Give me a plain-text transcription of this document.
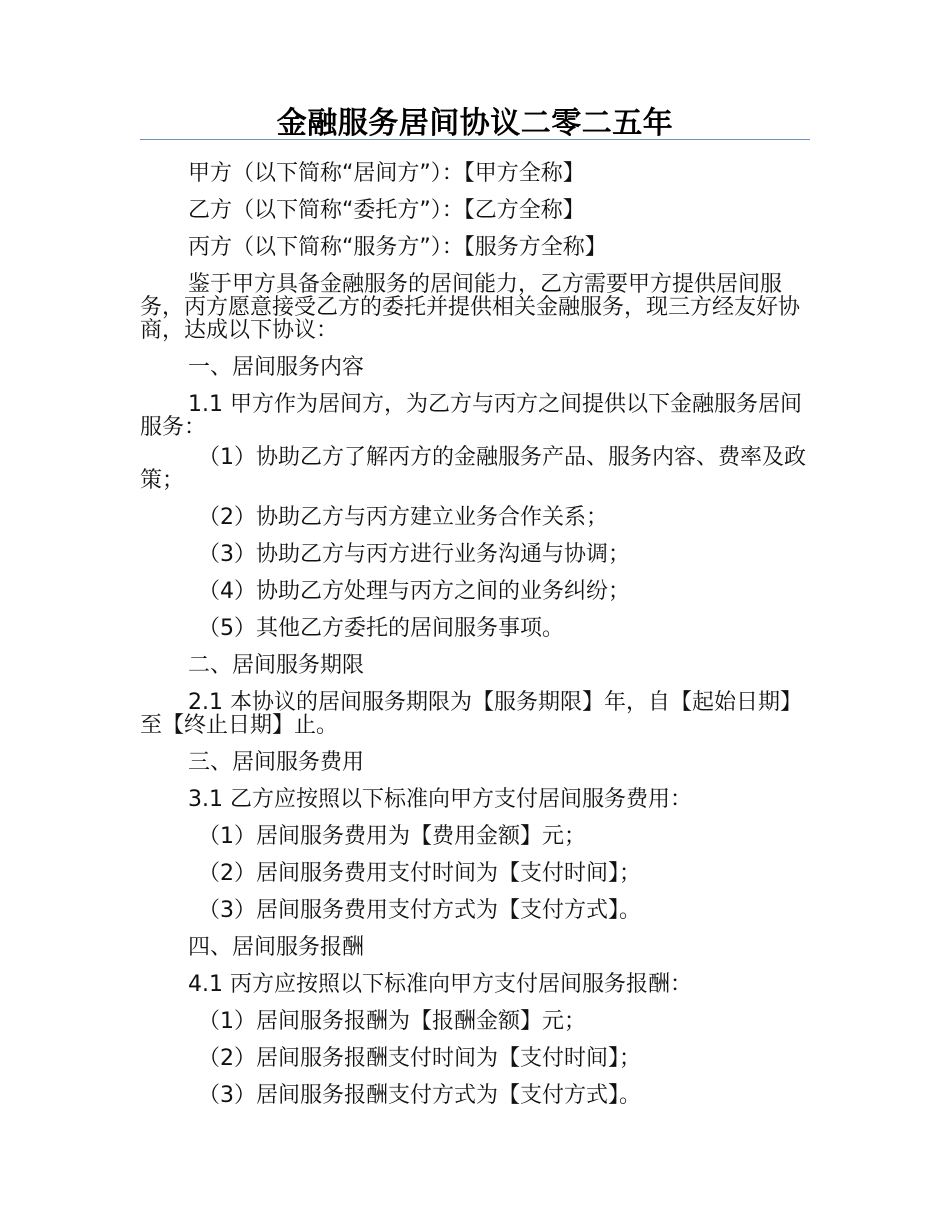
金融服务居间协议二零二五年

甲方（以下简称“居间方”）：【甲方全称】

乙方（以下简称“委托方”）：【乙方全称】

丙方（以下简称“服务方”）：【服务方全称】

鉴于甲方具备金融服务的居间能力，乙方需要甲方提供居间服务，丙方愿意接受乙方的委托并提供相关金融服务，现三方经友好协商，达成以下协议：

一、居间服务内容

1.1 甲方作为居间方，为乙方与丙方之间提供以下金融服务居间服务：

（1）协助乙方了解丙方的金融服务产品、服务内容、费率及政策；

（2）协助乙方与丙方建立业务合作关系；

（3）协助乙方与丙方进行业务沟通与协调；

（4）协助乙方处理与丙方之间的业务纠纷；

（5）其他乙方委托的居间服务事项。

二、居间服务期限

2.1 本协议的居间服务期限为【服务期限】年，自【起始日期】至【终止日期】止。

三、居间服务费用

3.1 乙方应按照以下标准向甲方支付居间服务费用：

（1）居间服务费用为【费用金额】元；

（2）居间服务费用支付时间为【支付时间】；

（3）居间服务费用支付方式为【支付方式】。

四、居间服务报酬

4.1 丙方应按照以下标准向甲方支付居间服务报酬：

（1）居间服务报酬为【报酬金额】元；

（2）居间服务报酬支付时间为【支付时间】；

（3）居间服务报酬支付方式为【支付方式】。
